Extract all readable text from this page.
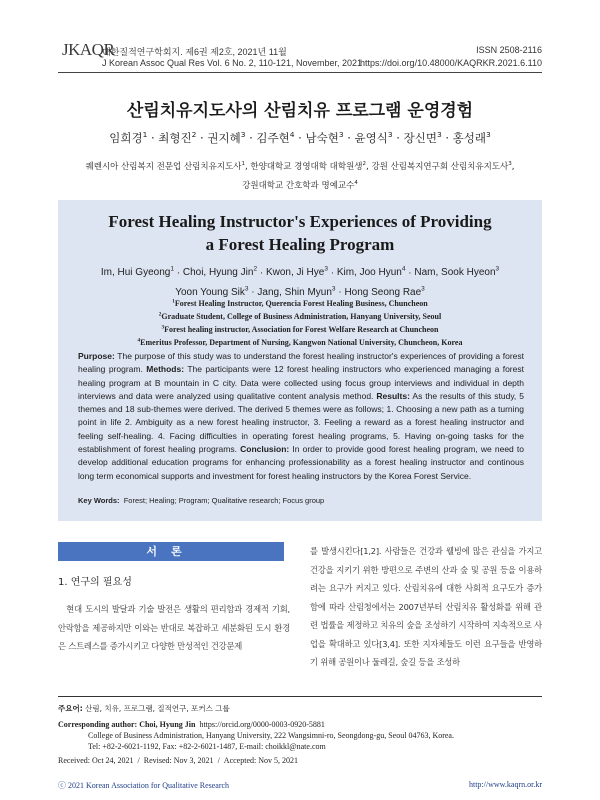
JKAQR
대한질적연구학회지. 제6권 제2호, 2021년 11월
J Korean Assoc Qual Res Vol. 6 No. 2, 110-121, November, 2021
ISSN 2508-2116
https://doi.org/10.48000/KAQRKR.2021.6.110
산림치유지도사의 산림치유 프로그램 운영경험
임희경$^1$ · 최형진$^2$ · 권지혜$^3$ · 김주현$^4$ · 남숙현$^3$ · 윤영식$^3$ · 장신면$^3$ · 홍성래$^3$
퀘렌시아 산림복지 전문업 산림치유지도사$^1$, 한양대학교 경영대학 대학원생$^2$, 강원 산림복지연구회 산림치유지도사$^3$,
강원대학교 간호학과 명예교수$^4$
Forest Healing Instructor's Experiences of Providing
a Forest Healing Program
Im, Hui Gyeong$^1$ · Choi, Hyung Jin$^2$ · Kwon, Ji Hye$^3$ · Kim, Joo Hyun$^4$ · Nam, Sook Hyeon$^3$
Yoon Young Sik$^3$ · Jang, Shin Myun$^3$ · Hong Seong Rae$^3$
$^1$Forest Healing Instructor, Querencia Forest Healing Business, Chuncheon
$^2$Graduate Student, College of Business Administration, Hanyang University, Seoul
$^3$Forest healing instructor, Association for Forest Welfare Research at Chuncheon
$^4$Emeritus Professor, Department of Nursing, Kangwon National University, Chuncheon, Korea
Purpose: The purpose of this study was to understand the forest healing instructor's experiences of providing a forest healing program. Methods: The participants were 12 forest healing instructors who experienced managing a forest healing program at B mountain in C city. Data were collected using focus group interviews and individual in depth interviews and data were analyzed using qualitative content analysis method. Results: As the results of this study, 5 themes and 18 sub-themes were derived. The derived 5 themes were as follows; 1. Choosing a new path as a turning point in life 2. Ambiguity as a new forest healing instructor, 3. Feeling a reward as a forest healing instructor and feeling self-healing. 4. Facing difficulties in operating forest healing programs, 5. Having on-going tasks for the establishment of forest healing programs. Conclusion: In order to provide good forest healing program, we need to develop additional education programs for enhancing professionability as a forest healing instructor and continous long term economical supports and investment for forest healing instructors by the Korea Forest Service.
Key Words: Forest; Healing; Program; Qualitative research; Focus group
서론
1. 연구의 필요성
현대 도시의 발달과 기술 발전은 생활의 편리함과 경제적 기회, 안락함을 제공하지만 이와는 반대로 복잡하고 세분화된 도시 환경은 스트레스를 증가시키고 다양한 만성적인 건강문제
를 발생시킨다[1,2]. 사람들은 건강과 웰빙에 많은 관심을 가지고 건강을 지키기 위한 방편으로 주변의 산과 숲 및 공원 등을 이용하려는 요구가 커지고 있다. 산림치유에 대한 사회적 요구도가 증가함에 따라 산림청에서는 2007년부터 산림치유 활성화를 위해 관련 법률을 제정하고 치유의 숲을 조성하기 시작하여 지속적으로 사업을 확대하고 있다[3,4]. 또한 지자체들도 이런 요구들을 반영하기 위해 공원이나 둘레길, 숲길 등을 조성하
주요어: 산림, 치유, 프로그램, 질적연구, 포커스 그룹
Corresponding author: Choi, Hyung Jin https://orcid.org/0000-0003-0920-5881
College of Business Administration, Hanyang University, 222 Wangsimni-ro, Seongdong-gu, Seoul 04763, Korea.
Tel: +82-2-6021-1192, Fax: +82-2-6021-1487, E-mail: choikkl@nate.com
Received: Oct 24, 2021  /  Revised: Nov 3, 2021  /  Accepted: Nov 5, 2021
ⓒ 2021 Korean Association for Qualitative Research	http://www.kaqrn.or.kr
